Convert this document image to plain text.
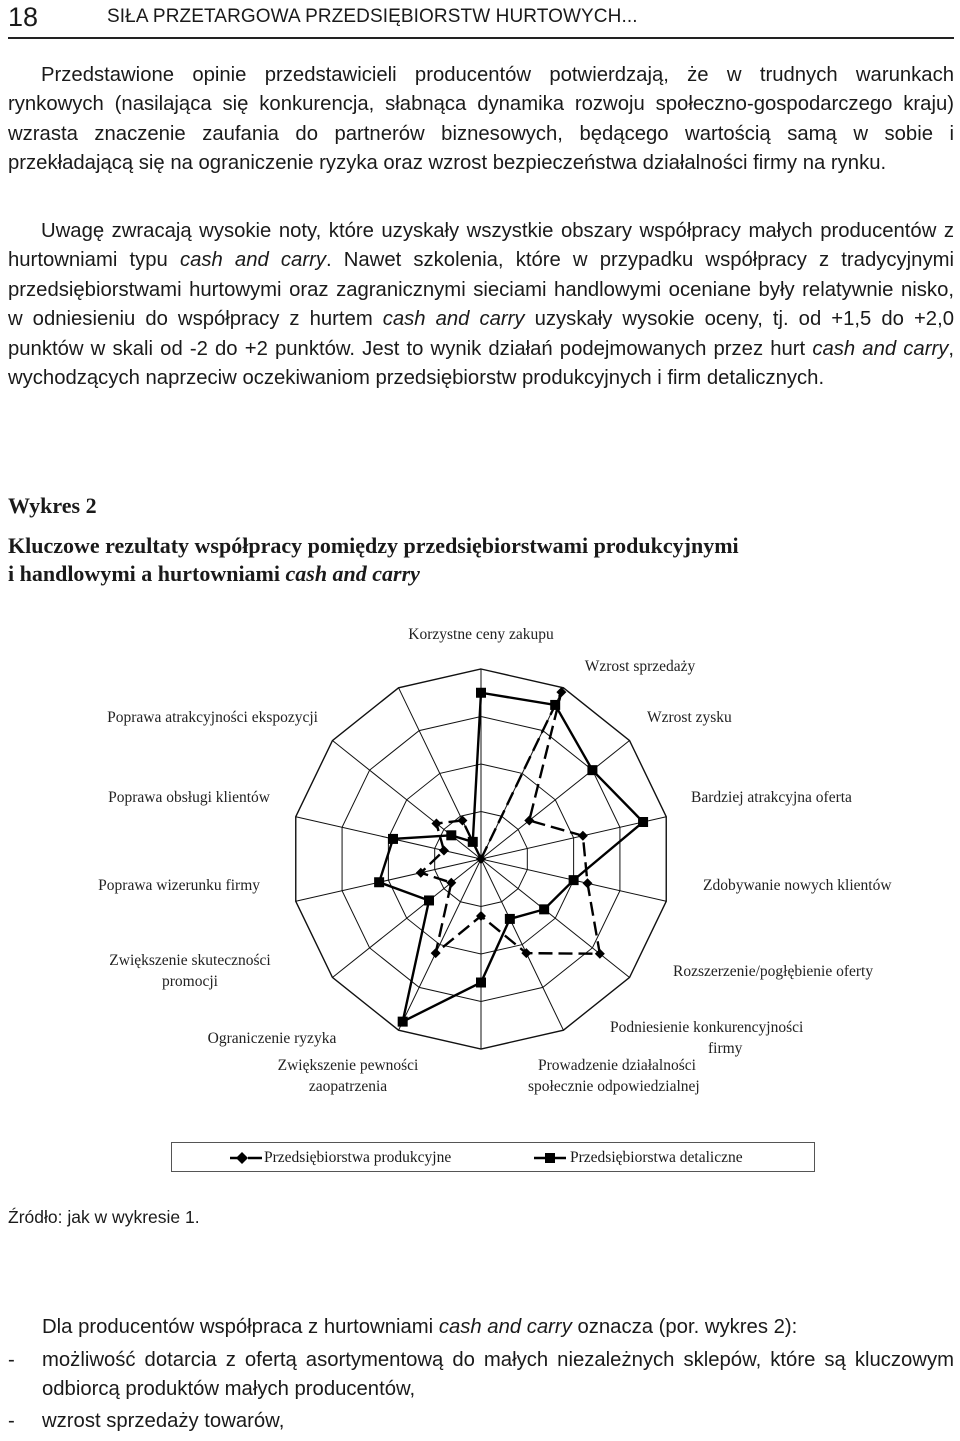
18	SIŁA PRZETARGOWA PRZEDSIĘBIORSTW HURTOWYCH...

Przedstawione opinie przedstawicieli producentów potwierdzają, że w trudnych warunkach rynkowych (nasilająca się konkurencja, słabnąca dynamika rozwoju społeczno-gospodarczego kraju) wzrasta znaczenie zaufania do partnerów biznesowych, będącego wartością samą w sobie i przekładającą się na ograniczenie ryzyka oraz wzrost bezpieczeństwa działalności firmy na rynku.

Uwagę zwracają wysokie noty, które uzyskały wszystkie obszary współpracy małych producentów z hurtowniami typu cash and carry. Nawet szkolenia, które w przypadku współpracy z tradycyjnymi przedsiębiorstwami hurtowymi oraz zagranicznymi sieciami handlowymi oceniane były relatywnie nisko, w odniesieniu do współpracy z hurtem cash and carry uzyskały wysokie oceny, tj. od +1,5 do +2,0 punktów w skali od -2 do +2 punktów. Jest to wynik działań podejmowanych przez hurt cash and carry, wychodzących naprzeciw oczekiwaniom przedsiębiorstw produkcyjnych i firm detalicznych.

Wykres 2
Kluczowe rezultaty współpracy pomiędzy przedsiębiorstwami produkcyjnymi
i handlowymi a hurtowniami cash and carry
Korzystne ceny zakupu
Wzrost sprzedaży
Wzrost zysku
Bardziej atrakcyjna oferta
Zdobywanie nowych klientów
Rozszerzenie/pogłębienie oferty
Podniesienie konkurencyjności firmy
Prowadzenie działalności społecznie odpowiedzialnej
Zwiększenie pewności zaopatrzenia
Ograniczenie ryzyka
Zwiększenie skuteczności promocji
Poprawa wizerunku firmy
Poprawa obsługi klientów
Poprawa atrakcyjności ekspozycji
Przedsiębiorstwa produkcyjne	Przedsiębiorstwa detaliczne
Źródło: jak w wykresie 1.
Dla producentów współpraca z hurtowniami cash and carry oznacza (por. wykres 2):
- możliwość dotarcia z ofertą asortymentową do małych niezależnych sklepów, które są kluczowym odbiorcą produktów małych producentów,
- wzrost sprzedaży towarów,
